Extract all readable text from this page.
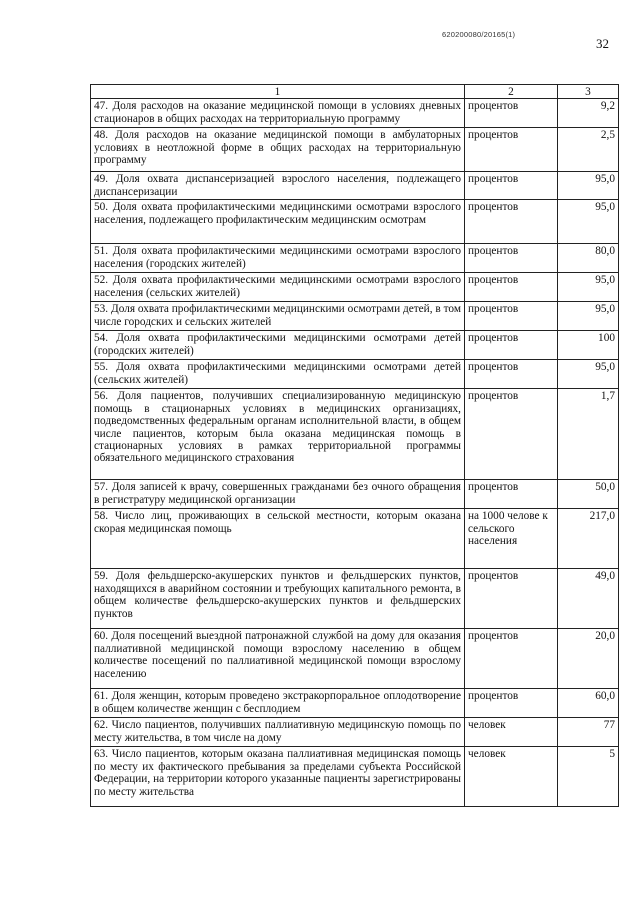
620200080/20165(1)
32
1	2	3
47. Доля расходов на оказание медицинской помощи в условиях дневных стационаров в общих расходах на территориальную программу	процентов	9,2
48. Доля расходов на оказание медицинской помощи в амбулаторных условиях в неотложной форме в общих расходах на территориальную программу	процентов	2,5
49. Доля охвата диспансеризацией взрослого населения, подлежащего диспансеризации	процентов	95,0
50. Доля охвата профилактическими медицинскими осмотрами взрослого населения, подлежащего профилактическим медицинским осмотрам	процентов	95,0
51. Доля охвата профилактическими медицинскими осмотрами взрослого населения (городских жителей)	процентов	80,0
52. Доля охвата профилактическими медицинскими осмотрами взрослого населения (сельских жителей)	процентов	95,0
53. Доля охвата профилактическими медицинскими осмотрами детей, в том числе городских и сельских жителей	процентов	95,0
54. Доля охвата профилактическими медицинскими осмотрами детей (городских жителей)	процентов	100
55. Доля охвата профилактическими медицинскими осмотрами детей (сельских жителей)	процентов	95,0
56. Доля пациентов, получивших специализированную медицинскую помощь в стационарных условиях в медицинских организациях, подведомственных федеральным органам исполнительной власти, в общем числе пациентов, которым была оказана медицинская помощь в стационарных условиях в рамках территориальной программы обязательного медицинского страхования	процентов	1,7
57. Доля записей к врачу, совершенных гражданами без очного обращения в регистратуру медицинской организации	процентов	50,0
58. Число лиц, проживающих в сельской местности, которым оказана скорая медицинская помощь	на 1000 челове к сельского населения	217,0
59. Доля фельдшерско-акушерских пунктов и фельдшерских пунктов, находящихся в аварийном состоянии и требующих капитального ремонта, в общем количестве фельдшерско-акушерских пунктов и фельдшерских пунктов	процентов	49,0
60. Доля посещений выездной патронажной службой на дому для оказания паллиативной медицинской помощи взрослому населению в общем количестве посещений по паллиативной медицинской помощи взрослому населению	процентов	20,0
61. Доля женщин, которым проведено экстракорпоральное оплодотворение в общем количестве женщин с бесплодием	процентов	60,0
62. Число пациентов, получивших паллиативную медицинскую помощь по месту жительства, в том числе на дому	человек	77
63. Число пациентов, которым оказана паллиативная медицинская помощь по месту их фактического пребывания за пределами субъекта Российской Федерации, на территории которого указанные пациенты зарегистрированы по месту жительства	человек	5
